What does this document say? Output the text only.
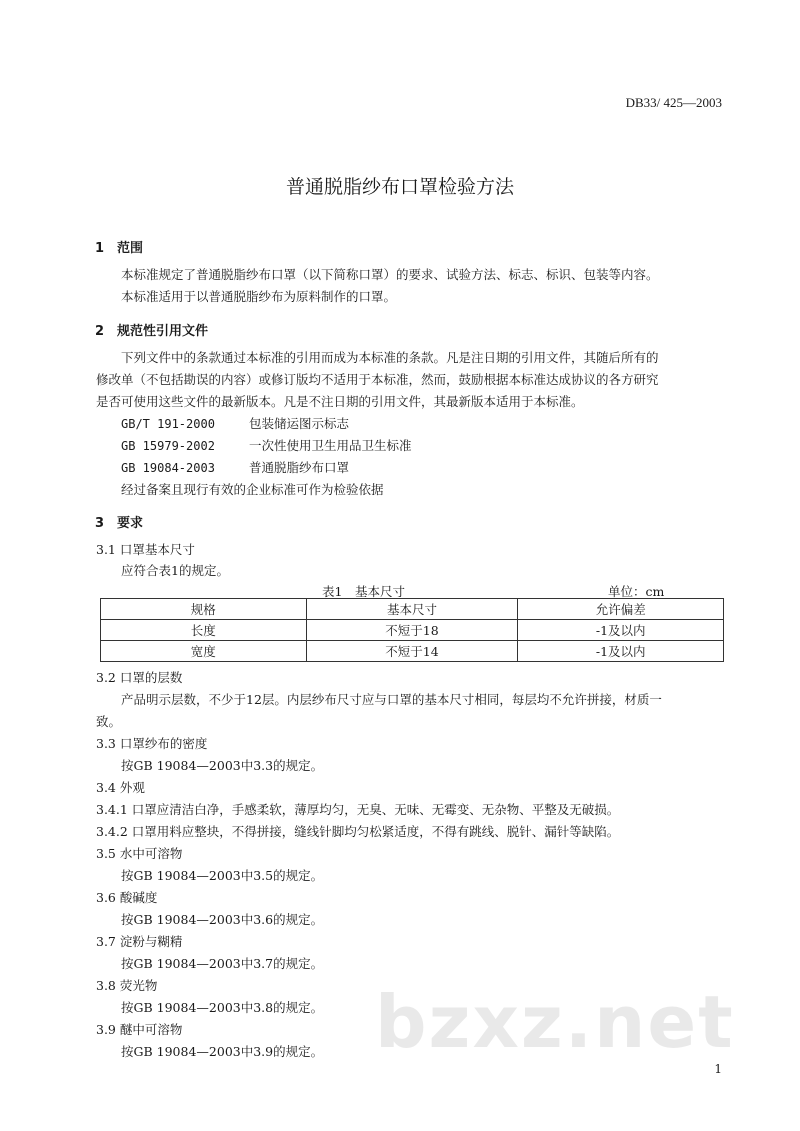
DB33/ 425—2003
普通脱脂纱布口罩检验方法
1 范围
本标准规定了普通脱脂纱布口罩（以下简称口罩）的要求、试验方法、标志、标识、包装等内容。
本标准适用于以普通脱脂纱布为原料制作的口罩。
2 规范性引用文件
下列文件中的条款通过本标准的引用而成为本标准的条款。凡是注日期的引用文件，其随后所有的
修改单（不包括勘误的内容）或修订版均不适用于本标准，然而，鼓励根据本标准达成协议的各方研究
是否可使用这些文件的最新版本。凡是不注日期的引用文件，其最新版本适用于本标准。
GB/T 191-2000	包装储运图示标志
GB 15979-2002	一次性使用卫生用品卫生标准
GB 19084-2003	普通脱脂纱布口罩
经过备案且现行有效的企业标准可作为检验依据
3 要求
3.1 口罩基本尺寸
应符合表1的规定。
表1　基本尺寸	单位：cm
规格	基本尺寸	允许偏差
长度	不短于18	-1及以内
宽度	不短于14	-1及以内
3.2 口罩的层数
产品明示层数，不少于12层。内层纱布尺寸应与口罩的基本尺寸相同，每层均不允许拼接，材质一
致。
3.3 口罩纱布的密度
按GB 19084—2003中3.3的规定。
3.4 外观
3.4.1 口罩应清洁白净，手感柔软，薄厚均匀，无臭、无味、无霉变、无杂物、平整及无破损。
3.4.2 口罩用料应整块，不得拼接，缝线针脚均匀松紧适度，不得有跳线、脱针、漏针等缺陷。
3.5 水中可溶物
按GB 19084—2003中3.5的规定。
3.6 酸碱度
按GB 19084—2003中3.6的规定。
3.7 淀粉与糊精
按GB 19084—2003中3.7的规定。
3.8 荧光物
按GB 19084—2003中3.8的规定。
3.9 醚中可溶物
按GB 19084—2003中3.9的规定。 bzxz.net
1
